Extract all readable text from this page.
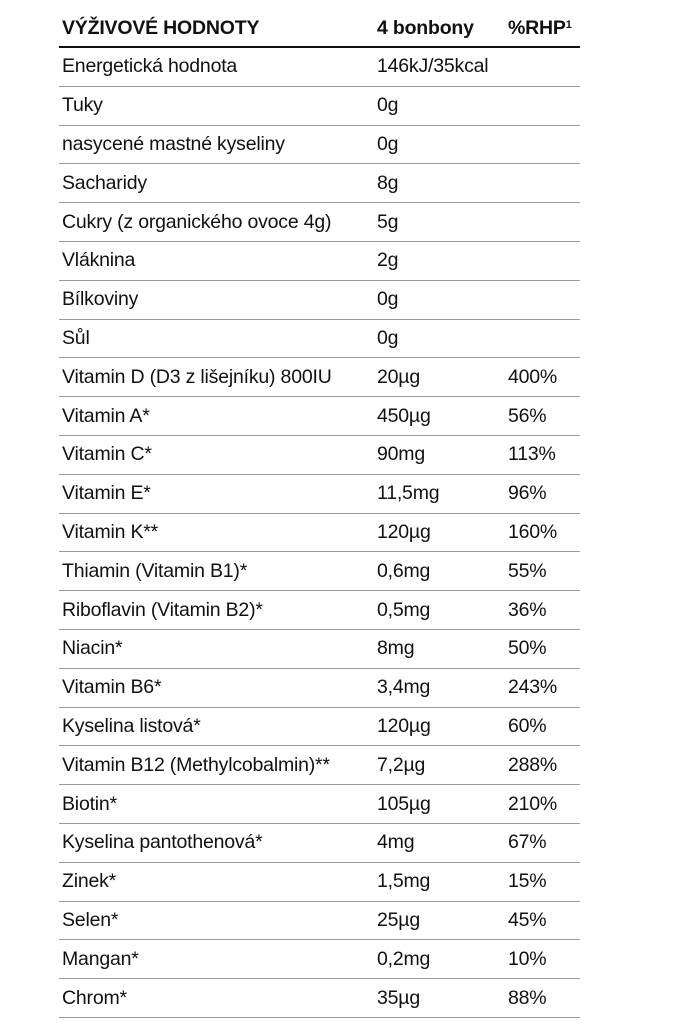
VÝŽIVOVÉ HODNOTY	4 bonbony	%RHP$^1$
Energetická hodnota	146kJ/35kcal
Tuky	0g
nasycené mastné kyseliny	0g
Sacharidy	8g
Cukry (z organického ovoce 4g)	5g
Vláknina	2g
Bílkoviny	0g
Sůl	0g
Vitamin D (D3 z lišejníku) 800IU	20µg	400%
Vitamin A*	450µg	56%
Vitamin C*	90mg	113%
Vitamin E*	11,5mg	96%
Vitamin K**	120µg	160%
Thiamin (Vitamin B1)*	0,6mg	55%
Riboflavin (Vitamin B2)*	0,5mg	36%
Niacin*	8mg	50%
Vitamin B6*	3,4mg	243%
Kyselina listová*	120µg	60%
Vitamin B12 (Methylcobalmin)**	7,2µg	288%
Biotin*	105µg	210%
Kyselina pantothenová*	4mg	67%
Zinek*	1,5mg	15%
Selen*	25µg	45%
Mangan*	0,2mg	10%
Chrom*	35µg	88%
